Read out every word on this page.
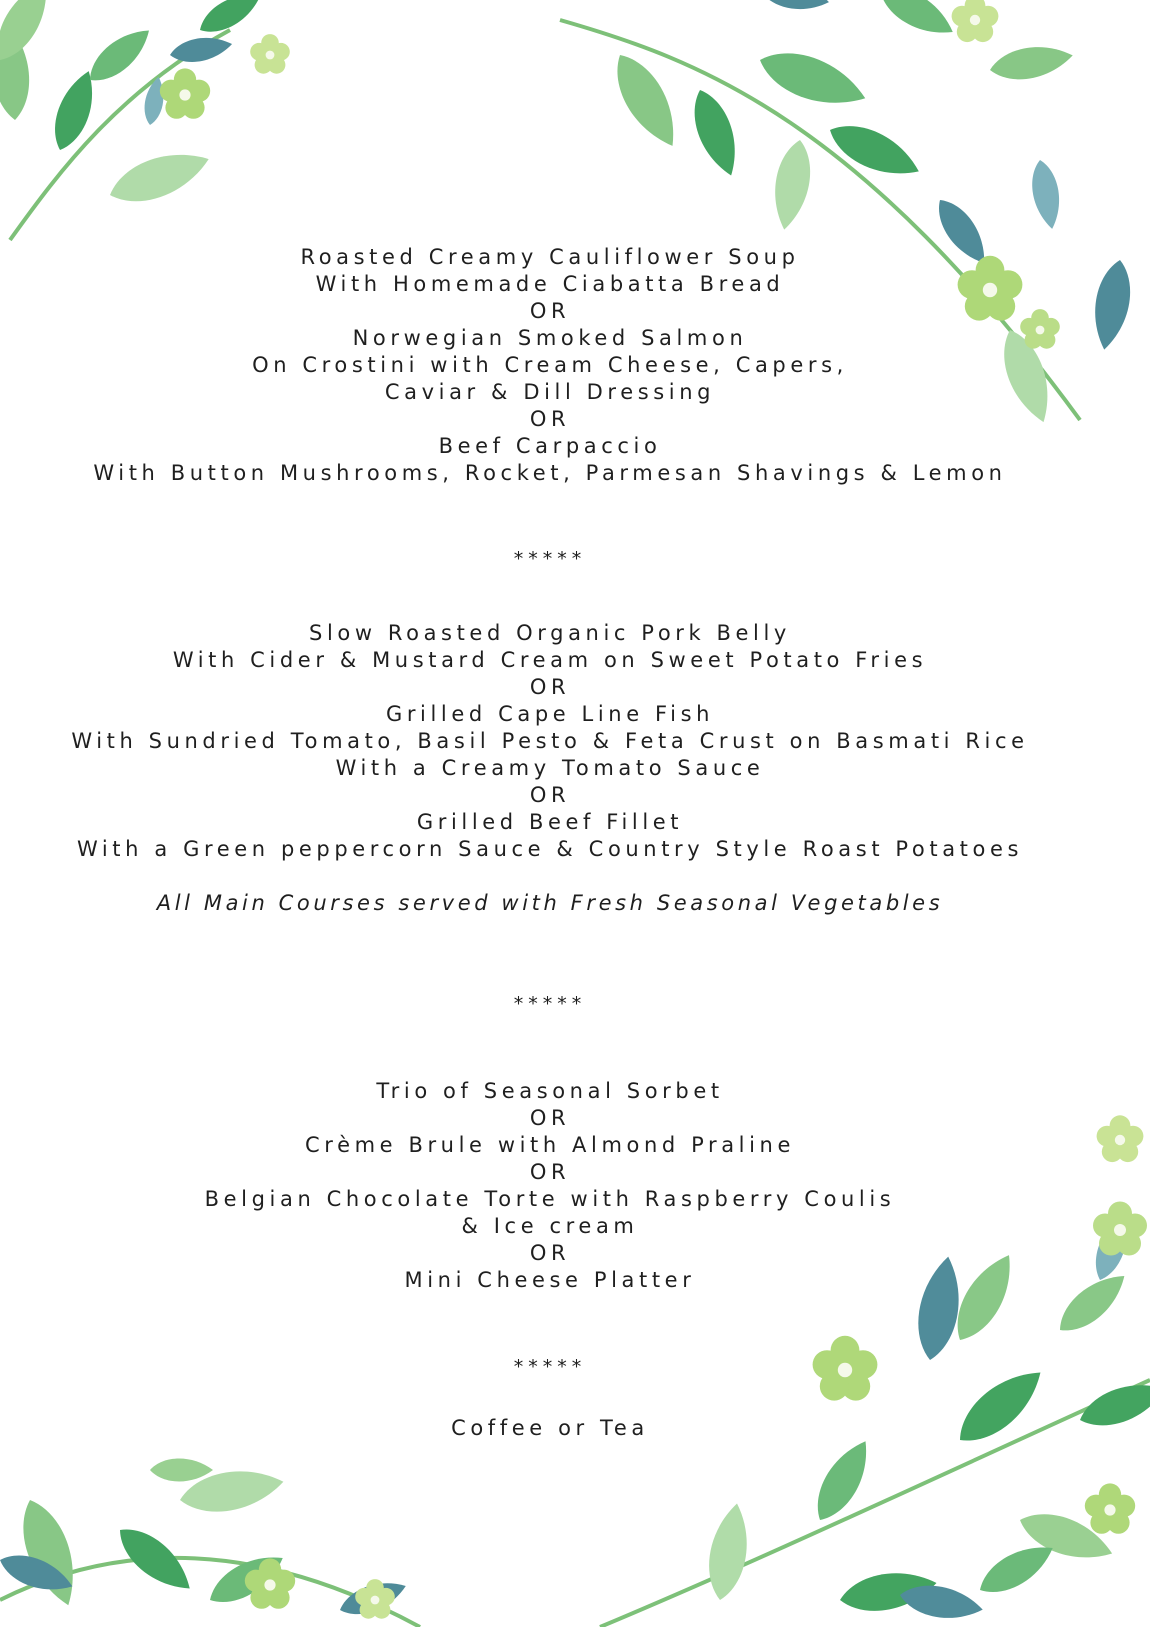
Roasted Creamy Cauliflower Soup
With Homemade Ciabatta Bread
OR
Norwegian Smoked Salmon
On Crostini with Cream Cheese, Capers,
Caviar & Dill Dressing
OR
Beef Carpaccio
With Button Mushrooms, Rocket, Parmesan Shavings & Lemon
*****
Slow Roasted Organic Pork Belly
With Cider & Mustard Cream on Sweet Potato Fries
OR
Grilled Cape Line Fish
With Sundried Tomato, Basil Pesto & Feta Crust on Basmati Rice
With a Creamy Tomato Sauce
OR
Grilled Beef Fillet
With a Green peppercorn Sauce & Country Style Roast Potatoes
All Main Courses served with Fresh Seasonal Vegetables
*****
Trio of Seasonal Sorbet
OR
Crème Brule with Almond Praline
OR
Belgian Chocolate Torte with Raspberry Coulis
& Ice cream
OR
Mini Cheese Platter
*****
Coffee or Tea
